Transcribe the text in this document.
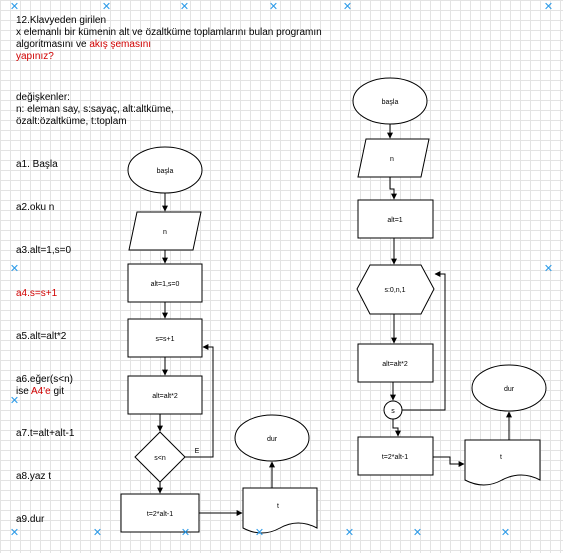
12.Klavyeden girilen
x elemanlı bir kümenin alt ve özaltküme toplamlarını bulan programın
algoritmasını ve akış şemasını
yapınız?
değişkenler:
n: eleman say, s:sayaç, alt:altküme,
özalt:özaltküme, t:toplam
a1. Başla
a2.oku n
a3.alt=1,s=0
a4.s=s+1
a5.alt=alt*2
a6.eğer(s<n)
ise A4'e git
a7.t=alt+alt-1
a8.yaz t
a9.dur
başla
n
alt=1,s=0
s=s+1
alt=alt*2
s<n
E
t=2*alt-1
t
dur
başla
n
alt=1
s:0,n,1
alt=alt*2
s
t=2*alt-1	t
dur
✕	✕	✕	✕	✕	✕
✕	✕
✕
✕	✕	✕	✕	✕	✕	✕
